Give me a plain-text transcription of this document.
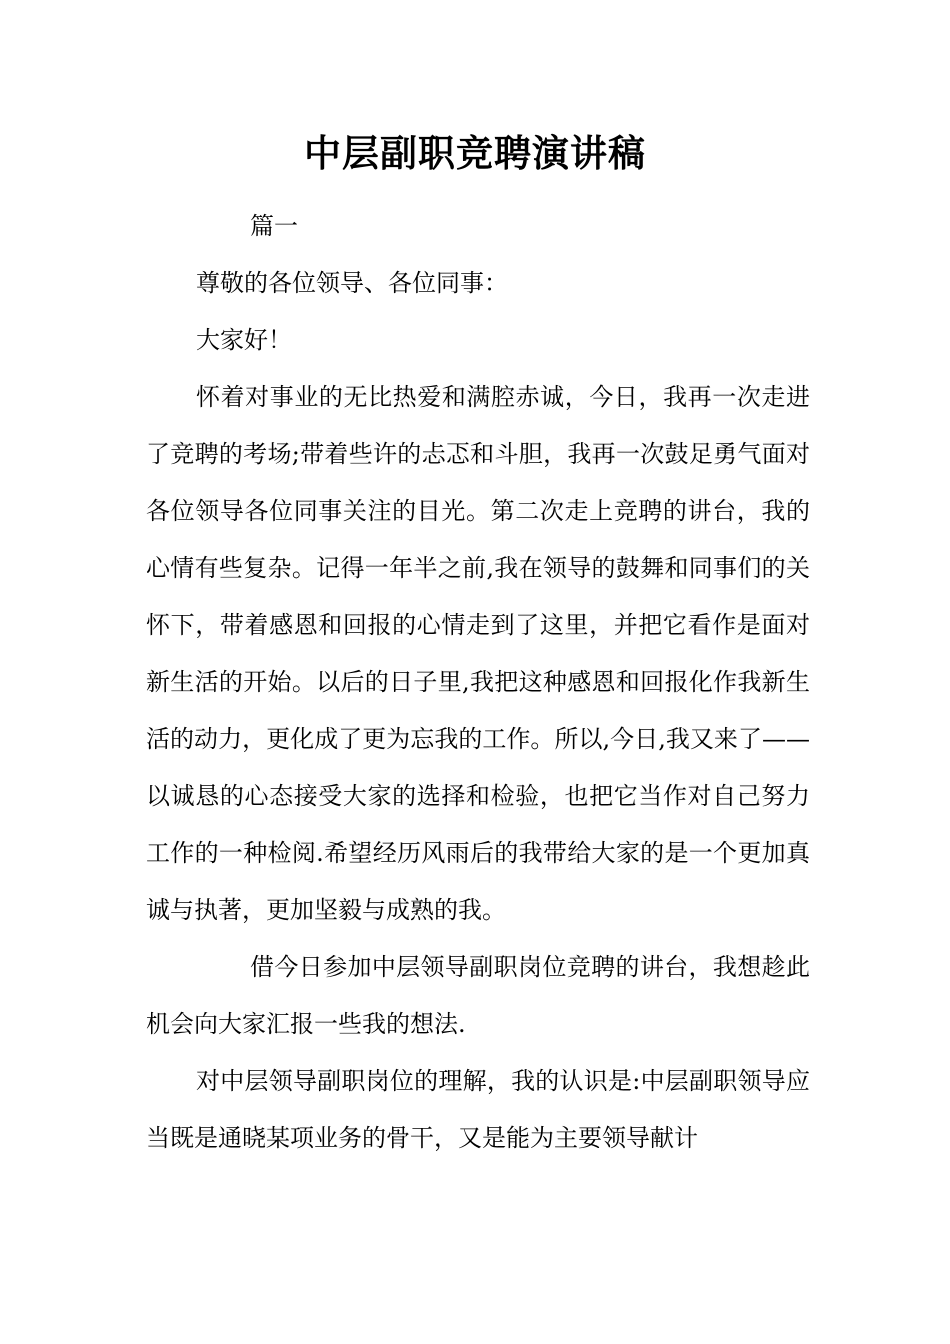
中层副职竞聘演讲稿

篇一

尊敬的各位领导、各位同事：

大家好！

怀着对事业的无比热爱和满腔赤诚，今日，我再一次走进了竞聘的考场;带着些许的忐忑和斗胆，我再一次鼓足勇气面对各位领导各位同事关注的目光。第二次走上竞聘的讲台，我的心情有些复杂。记得一年半之前,我在领导的鼓舞和同事们的关怀下，带着感恩和回报的心情走到了这里，并把它看作是面对新生活的开始。以后的日子里,我把这种感恩和回报化作我新生活的动力，更化成了更为忘我的工作。所以,今日,我又来了——以诚恳的心态接受大家的选择和检验，也把它当作对自己努力工作的一种检阅.希望经历风雨后的我带给大家的是一个更加真诚与执著，更加坚毅与成熟的我。

借今日参加中层领导副职岗位竞聘的讲台，我想趁此机会向大家汇报一些我的想法.

对中层领导副职岗位的理解，我的认识是:中层副职领导应当既是通晓某项业务的骨干，又是能为主要领导献计
